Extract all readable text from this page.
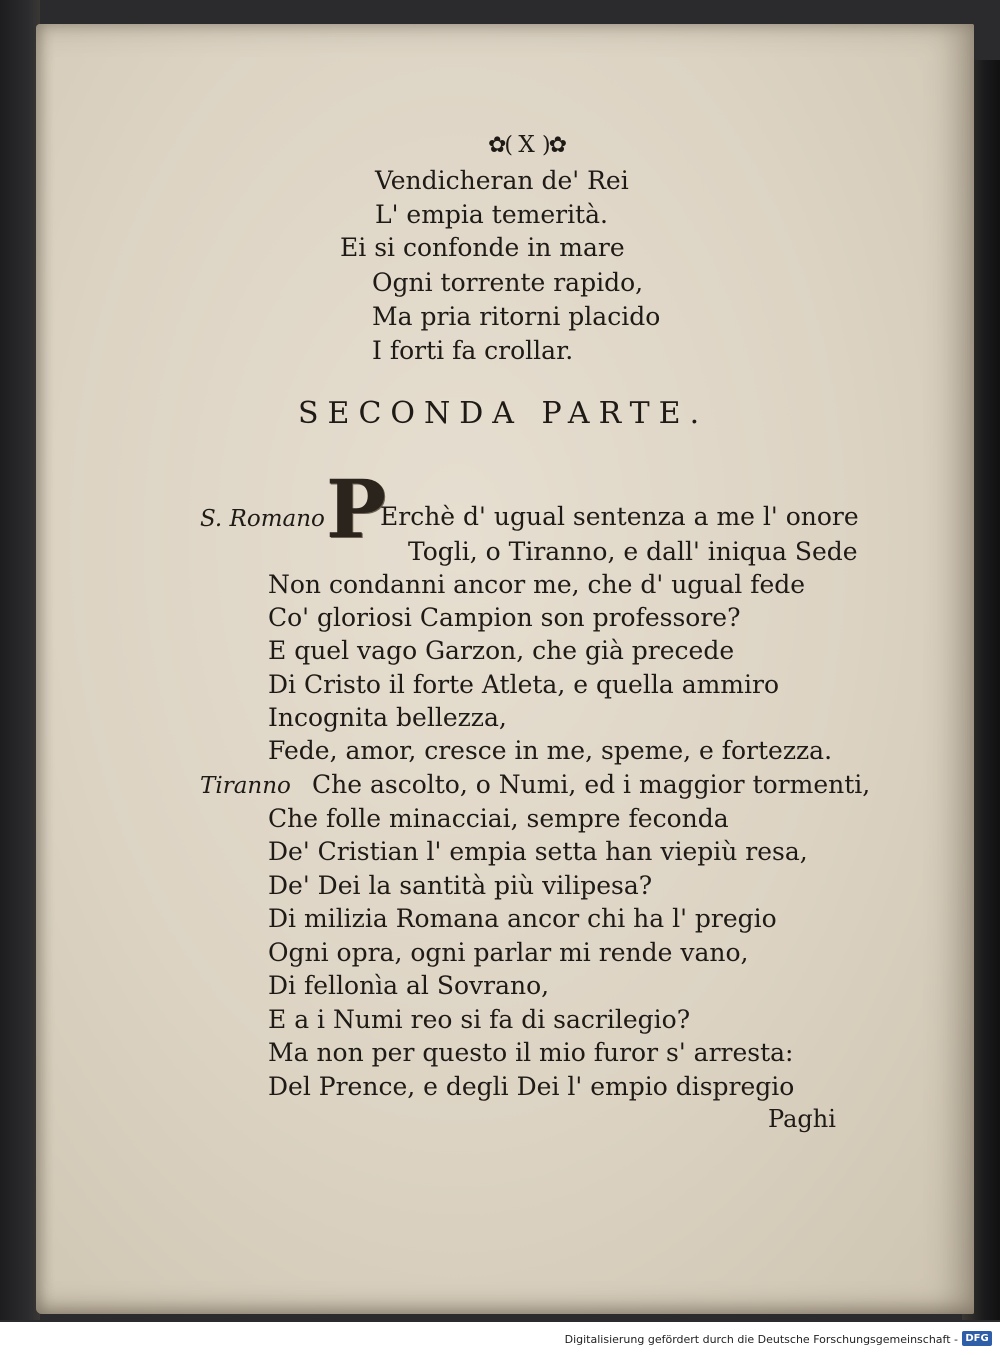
✿( X )✿
Vendicheran de' Rei
L' empia temerità.
Ei si confonde in mare
Ogni torrente rapido,
Ma pria ritorni placido
I forti fa crollar.
SECONDA PARTE.
S. Romano P
Erchè d' ugual sentenza a me l' onore
Togli, o Tiranno, e dall' iniqua Sede
Non condanni ancor me, che d' ugual fede
Co' gloriosi Campion son professore?
E quel vago Garzon, che già precede
Di Cristo il forte Atleta, e quella ammiro
Incognita bellezza,
Fede, amor, cresce in me, speme, e fortezza.
Tiranno Che ascolto, o Numi, ed i maggior tormenti,
Che folle minacciai, sempre feconda
De' Cristian l' empia setta han viepiù resa,
De' Dei la santità più vilipesa?
Di milizia Romana ancor chi ha l' pregio
Ogni opra, ogni parlar mi rende vano,
Di fellonìa al Sovrano,
E a i Numi reo si fa di sacrilegio?
Ma non per questo il mio furor s' arresta:
Del Prence, e degli Dei l' empio dispregio
Paghi
Digitalisierung gefördert durch die Deutsche Forschungsgemeinschaft - DFG
